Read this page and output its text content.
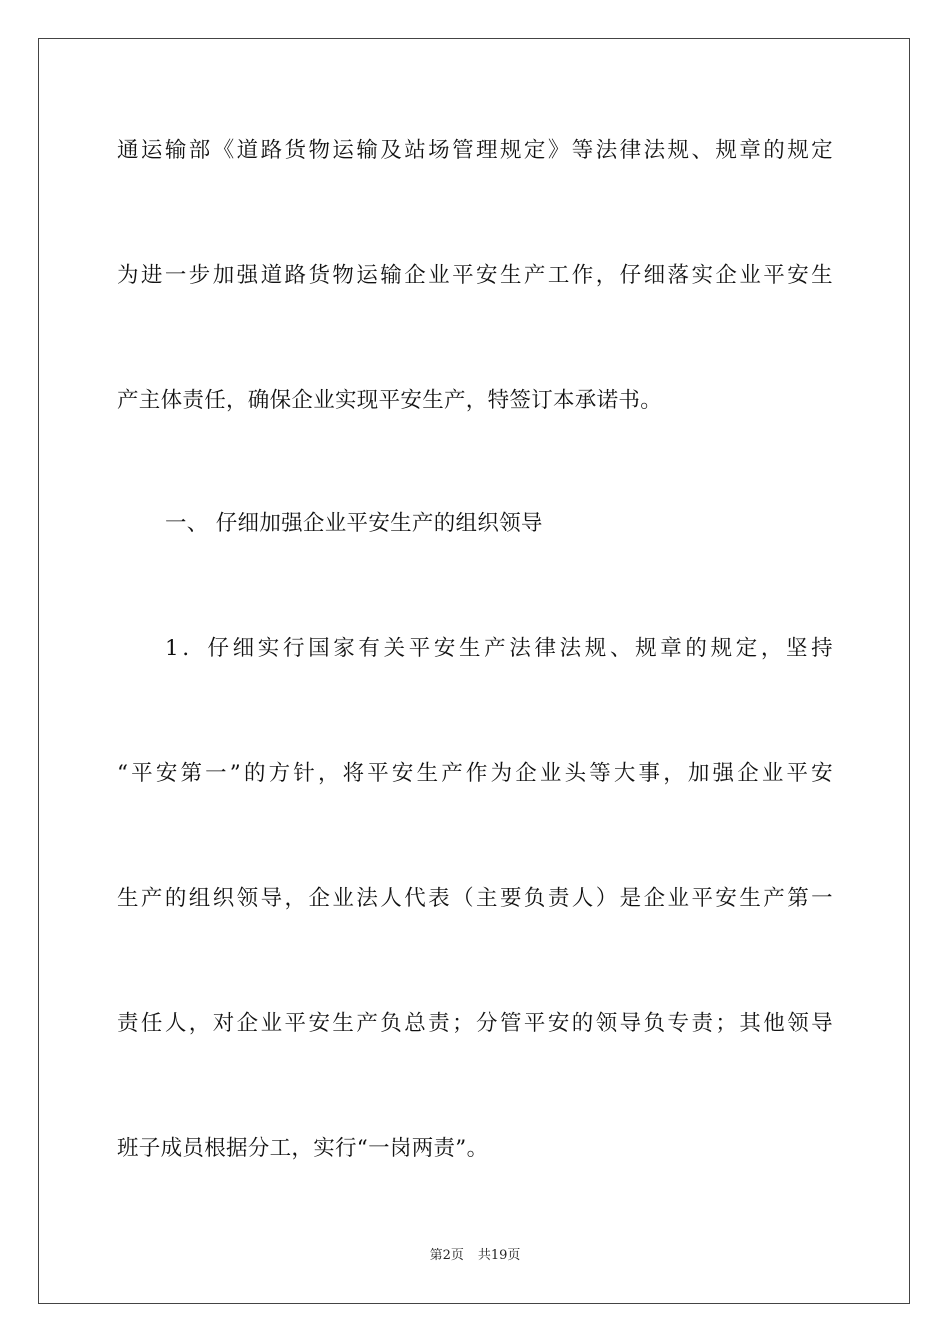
通运输部《道路货物运输及站场管理规定》等法律法规、规章的规定
为进一步加强道路货物运输企业平安生产工作，仔细落实企业平安生
产主体责任，确保企业实现平安生产，特签订本承诺书。
一、 仔细加强企业平安生产的组织领导
1．仔细实行国家有关平安生产法律法规、规章的规定，坚持
“平安第一”的方针，将平安生产作为企业头等大事，加强企业平安
生产的组织领导，企业法人代表（主要负责人）是企业平安生产第一
责任人，对企业平安生产负总责；分管平安的领导负专责；其他领导
班子成员根据分工，实行“一岗两责”。
第2页 共19页
